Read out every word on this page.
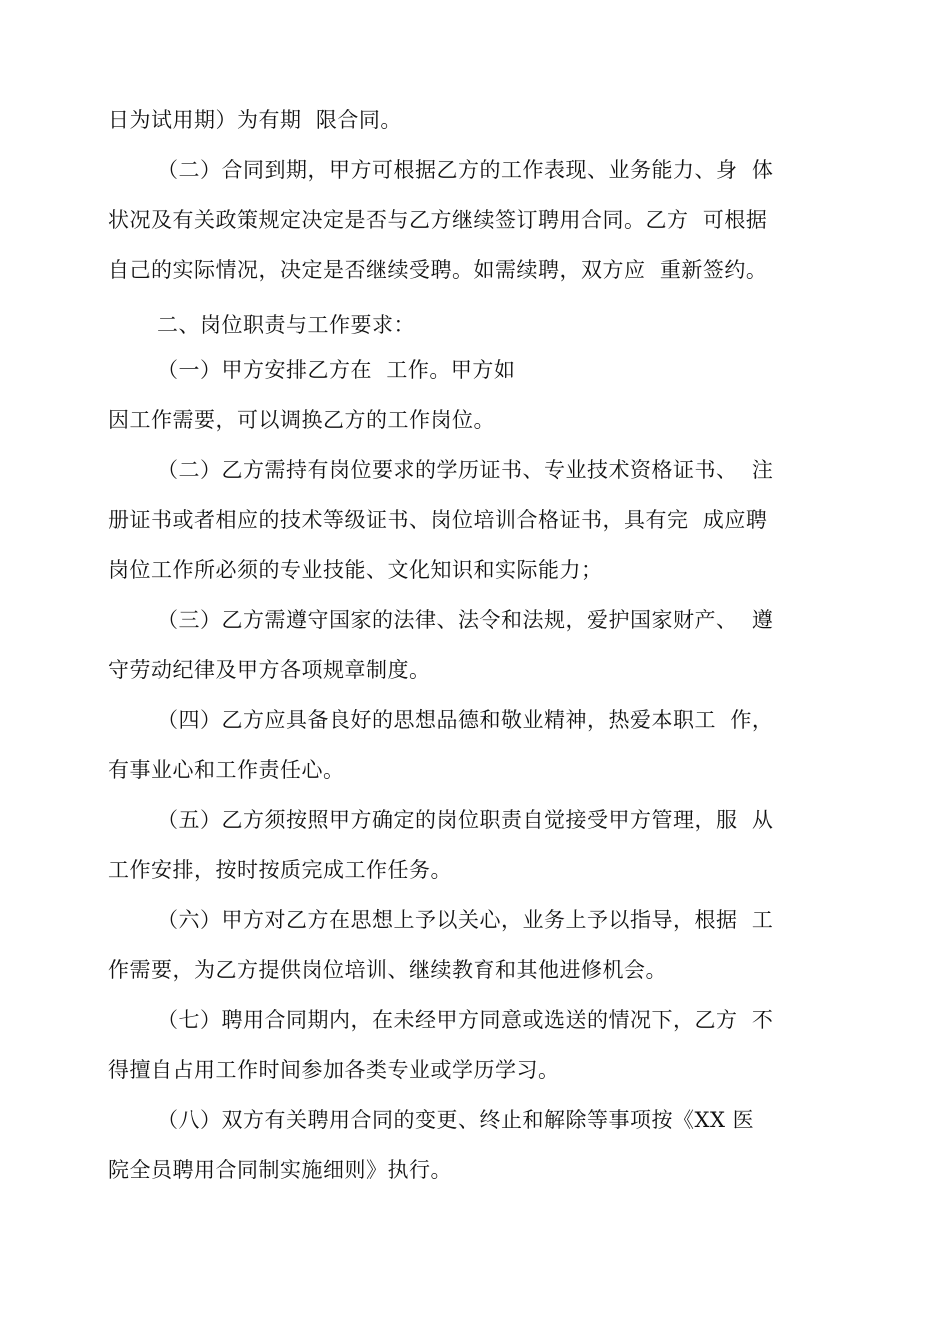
日为试用期）为有期  限合同。
（二）合同到期，甲方可根据乙方的工作表现、业务能力、身  体
状况及有关政策规定决定是否与乙方继续签订聘用合同。乙方  可根据
自己的实际情况，决定是否继续受聘。如需续聘，双方应  重新签约。
二、岗位职责与工作要求：
（一）甲方安排乙方在  工作。甲方如
因工作需要，可以调换乙方的工作岗位。
（二）乙方需持有岗位要求的学历证书、专业技术资格证书、  注
册证书或者相应的技术等级证书、岗位培训合格证书，具有完  成应聘
岗位工作所必须的专业技能、文化知识和实际能力；
（三）乙方需遵守国家的法律、法令和法规，爱护国家财产、  遵
守劳动纪律及甲方各项规章制度。
（四）乙方应具备良好的思想品德和敬业精神，热爱本职工  作，
有事业心和工作责任心。
（五）乙方须按照甲方确定的岗位职责自觉接受甲方管理，服  从
工作安排，按时按质完成工作任务。
（六）甲方对乙方在思想上予以关心，业务上予以指导，根据  工
作需要，为乙方提供岗位培训、继续教育和其他进修机会。
（七）聘用合同期内，在未经甲方同意或选送的情况下，乙方  不
得擅自占用工作时间参加各类专业或学历学习。
（八）双方有关聘用合同的变更、终止和解除等事项按《XX 医
院全员聘用合同制实施细则》执行。
